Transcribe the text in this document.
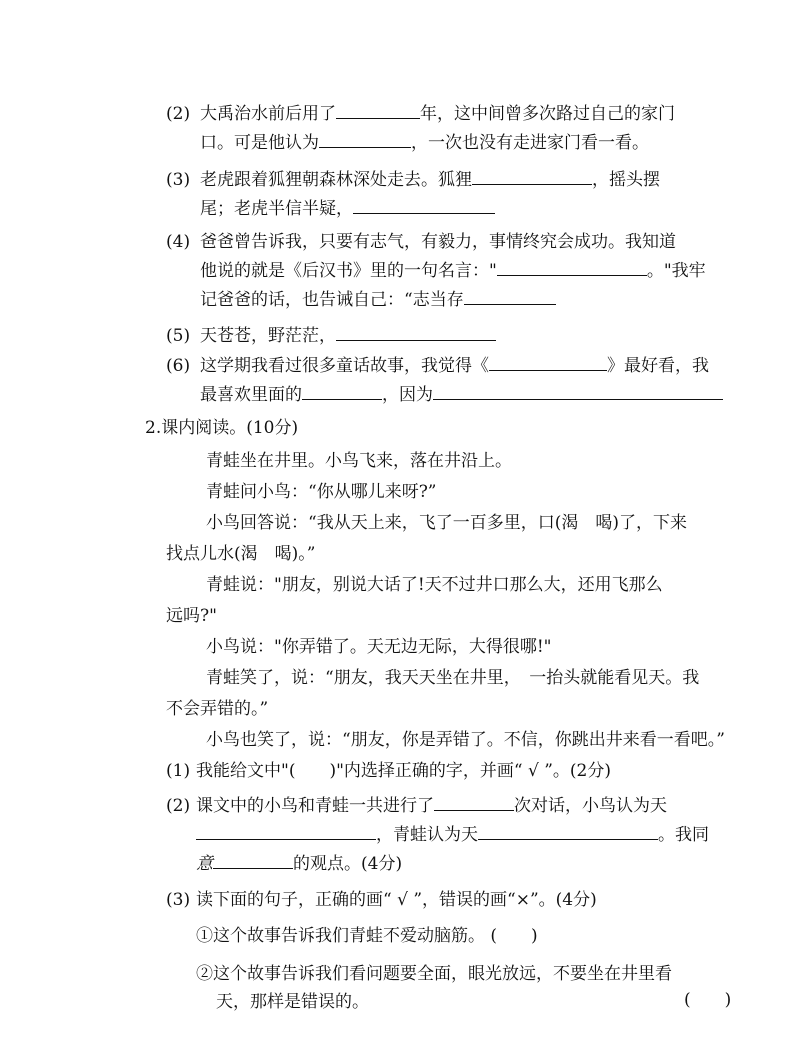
(2) 大禹治水前后用了	年，这中间曾多次路过自己的家门
口。可是他认为	，一次也没有走进家门看一看。
(3) 老虎跟着狐狸朝森林深处走去。狐狸	，摇头摆
尾；老虎半信半疑，
(4) 爸爸曾告诉我，只要有志气，有毅力，事情终究会成功。我知道
他说的就是《后汉书》里的一句名言："	。"我牢
记爸爸的话，也告诫自己：“志当存
(5) 天苍苍，野茫茫，
(6) 这学期我看过很多童话故事，我觉得《	》最好看，我
最喜欢里面的	，因为
2.课内阅读。(10分)
青蛙坐在井里。小鸟飞来，落在井沿上。
青蛙问小鸟：“你从哪儿来呀?”
小鸟回答说：“我从天上来，飞了一百多里，口(渴　喝)了，下来
找点儿水(渴　喝)。”
青蛙说："朋友，别说大话了!天不过井口那么大，还用飞那么
远吗?"
小鸟说："你弄错了。天无边无际，大得很哪!"
青蛙笑了，说：“朋友，我天天坐在井里，　一抬头就能看见天。我
不会弄错的。”
小鸟也笑了，说：“朋友，你是弄错了。不信，你跳出井来看一看吧。”
(1) 我能给文中"(　　)"内选择正确的字，并画“ √ ”。(2分)
(2) 课文中的小鸟和青蛙一共进行了	次对话，小鸟认为天
，青蛙认为天	。我同
意	的观点。(4分)
(3) 读下面的句子，正确的画“ √ ”，错误的画“×”。(4分)
①这个故事告诉我们青蛙不爱动脑筋。 (　　)
②这个故事告诉我们看问题要全面，眼光放远，不要坐在井里看
天，那样是错误的。	(　　)
